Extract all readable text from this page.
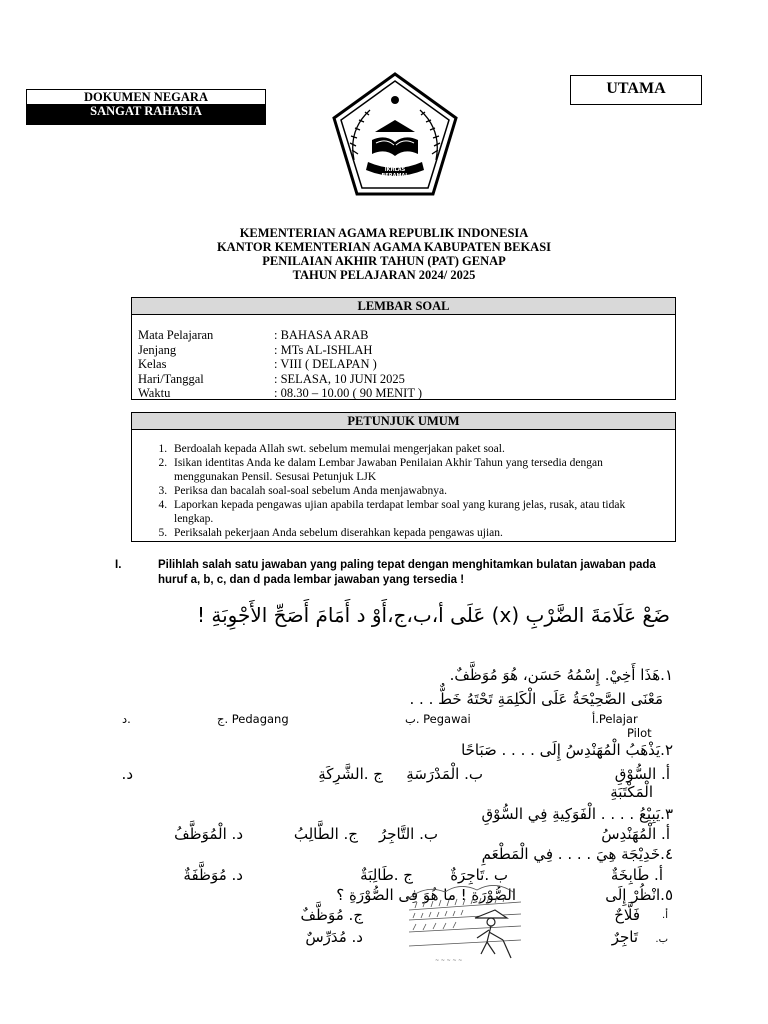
DOKUMEN NEGARA
SANGAT RAHASIA
UTAMA
IKHLAS BERAMAL
KEMENTERIAN AGAMA REPUBLIK INDONESIA
KANTOR KEMENTERIAN AGAMA KABUPATEN BEKASI
PENILAIAN AKHIR TAHUN (PAT) GENAP
TAHUN PELAJARAN 2024/ 2025
LEMBAR SOAL
Mata Pelajaran	: BAHASA ARAB
Jenjang	: MTs AL-ISHLAH
Kelas	: VIII ( DELAPAN )
Hari/Tanggal	: SELASA, 10 JUNI 2025
Waktu	: 08.30 – 10.00 ( 90 MENIT )
PETUNJUK UMUM
1. Berdoalah kepada Allah swt. sebelum memulai mengerjakan paket soal.
2. Isikan identitas Anda ke dalam Lembar Jawaban Penilaian Akhir Tahun yang tersedia dengan menggunakan Pensil. Sesusai Petunjuk LJK
3. Periksa dan bacalah soal-soal sebelum Anda menjawabnya.
4. Laporkan kepada pengawas ujian apabila terdapat lembar soal yang kurang jelas, rusak, atau tidak lengkap.
5. Periksalah pekerjaan Anda sebelum diserahkan kepada pengawas ujian.
I.	Pilihlah salah satu jawaban yang paling tepat dengan menghitamkan bulatan jawaban pada huruf a, b, c, dan d pada lembar jawaban yang tersedia !
ضَعْ عَلَامَةَ الضَّرْبِ (x) عَلَى أ،ب،ج،أَوْ د أَمَامَ أَصَحِّ الأَجْوِبَةِ !
١.هَذَا أَخِيْ. إِسْمُهُ حَسَن، هُوَ مُوَظَّفٌ.
مَعْنَى الصَّحِيْحَةُ عَلَى الْكَلِمَةِ تَحْتَهُ خَطٌّ . . .
أ.Pelajar
ب. Pegawai
ج. Pedagang
د.
Pilot
٢.يَذْهَبُ الْمُهَنْدِسُ إِلَى . . . . صَبَاحًا
أ. السُّوْقِ
ب. الْمَدْرَسَةِ
ج .الشَّرِكَةِ
د.
الْمَكْتَبَةِ
٣.يَبِيْعُ . . . . الْفَوَكِيةِ فِي السُّوْقِ
أ. الْمُهَنْدِسُ
ب. التَّاجِرُ
ج. الطَّالِبُ
د. الْمُوَظَّفُ
٤.خَدِيْجَة هِيَ . . . . فِي الْمَطْعَمِ
أ. طَابِخَةٌ
ب .تَاجِرَةٌ
ج .طَالِبَةٌ
د. مُوَظَّفَةٌ
٥.انْظُرْ إِلَى
الصُّوْرَةِ ! ما هُوَ فِى الصُّوْرَةِ ؟
أ.
فَلَّاحٌ
ب.
تَاجِرٌ
ج. مُوَظَّفٌ
د. مُدَرِّسٌ
~ ~ ~ ~ ~
